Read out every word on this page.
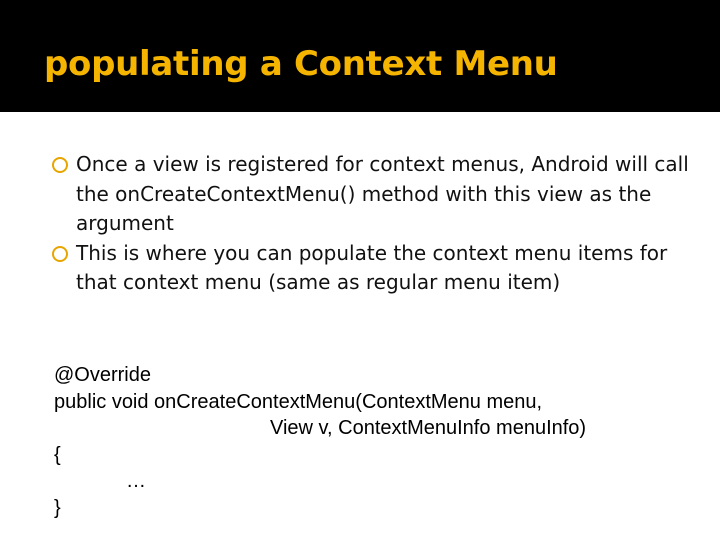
populating a Context Menu
Once a view is registered for context menus, Android will call the onCreateContextMenu() method with this view as the argument
This is where you can populate the context menu items for that context menu (same as regular menu item)
@Override
public void onCreateContextMenu(ContextMenu menu,
View v, ContextMenuInfo menuInfo)
{
…
}
